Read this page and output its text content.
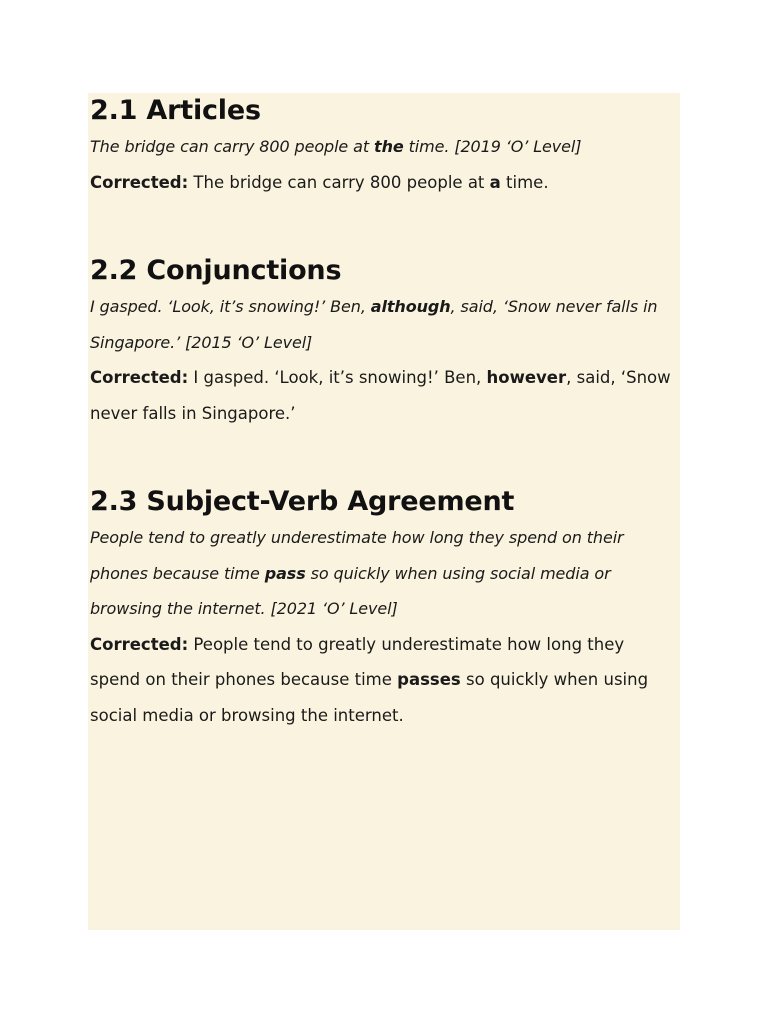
2.1 Articles

The bridge can carry 800 people at the time. [2019 ‘O’ Level]

Corrected: The bridge can carry 800 people at a time.

2.2 Conjunctions

I gasped. ‘Look, it’s snowing!’ Ben, although, said, ‘Snow never falls in Singapore.’ [2015 ‘O’ Level]

Corrected: I gasped. ‘Look, it’s snowing!’ Ben, however, said, ‘Snow never falls in Singapore.’

2.3 Subject-Verb Agreement

People tend to greatly underestimate how long they spend on their phones because time pass so quickly when using social media or browsing the internet. [2021 ‘O’ Level]

Corrected: People tend to greatly underestimate how long they spend on their phones because time passes so quickly when using social media or browsing the internet.
